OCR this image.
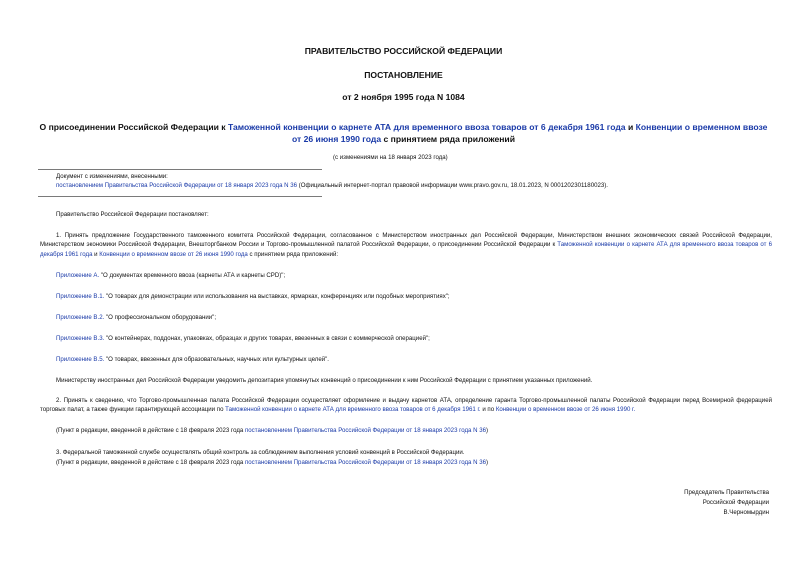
ПРАВИТЕЛЬСТВО РОССИЙСКОЙ ФЕДЕРАЦИИ
ПОСТАНОВЛЕНИЕ
от 2 ноября 1995 года N 1084
О присоединении Российской Федерации к Таможенной конвенции о карнете АТА для временного ввоза товаров от 6 декабря 1961 года и Конвенции о временном ввозе от 26 июня 1990 года с принятием ряда приложений
(с изменениями на 18 января 2023 года)
Документ с изменениями, внесенными:
постановлением Правительства Российской Федерации от 18 января 2023 года N 36 (Официальный интернет-портал правовой информации www.pravo.gov.ru, 18.01.2023, N 0001202301180023).
Правительство Российской Федерации постановляет:
1. Принять предложение Государственного таможенного комитета Российской Федерации, согласованное с Министерством иностранных дел Российской Федерации, Министерством внешних экономических связей Российской Федерации, Министерством экономики Российской Федерации, Внешторгбанком России и Торгово-промышленной палатой Российской Федерации, о присоединении Российской Федерации к Таможенной конвенции о карнете АТА для временного ввоза товаров от 6 декабря 1961 года и Конвенции о временном ввозе от 26 июня 1990 года с принятием ряда приложений:
Приложение А. "О документах временного ввоза (карнеты АТА и карнеты CPD)";
Приложение В.1. "О товарах для демонстрации или использования на выставках, ярмарках, конференциях или подобных мероприятиях";
Приложение В.2. "О профессиональном оборудовании";
Приложение В.3. "О контейнерах, поддонах, упаковках, образцах и других товарах, ввезенных в связи с коммерческой операцией";
Приложение В.5. "О товарах, ввезенных для образовательных, научных или культурных целей".
Министерству иностранных дел Российской Федерации уведомить депозитария упомянутых конвенций о присоединении к ним Российской Федерации с принятием указанных приложений.
2. Принять к сведению, что Торгово-промышленная палата Российской Федерации осуществляет оформление и выдачу карнетов АТА, определение гаранта Торгово-промышленной палаты Российской Федерации перед Всемирной федерацией торговых палат, а также функции гарантирующей ассоциации по Таможенной конвенции о карнете АТА для временного ввоза товаров от 6 декабря 1961 г. и по Конвенции о временном ввозе от 26 июня 1990 г.
(Пункт в редакции, введенной в действие с 18 февраля 2023 года постановлением Правительства Российской Федерации от 18 января 2023 года N 36)
3. Федеральной таможенной службе осуществлять общий контроль за соблюдением выполнения условий конвенций в Российской Федерации.
(Пункт в редакции, введенной в действие с 18 февраля 2023 года постановлением Правительства Российской Федерации от 18 января 2023 года N 36)
Председатель Правительства
Российской Федерации
В.Черномырдин
